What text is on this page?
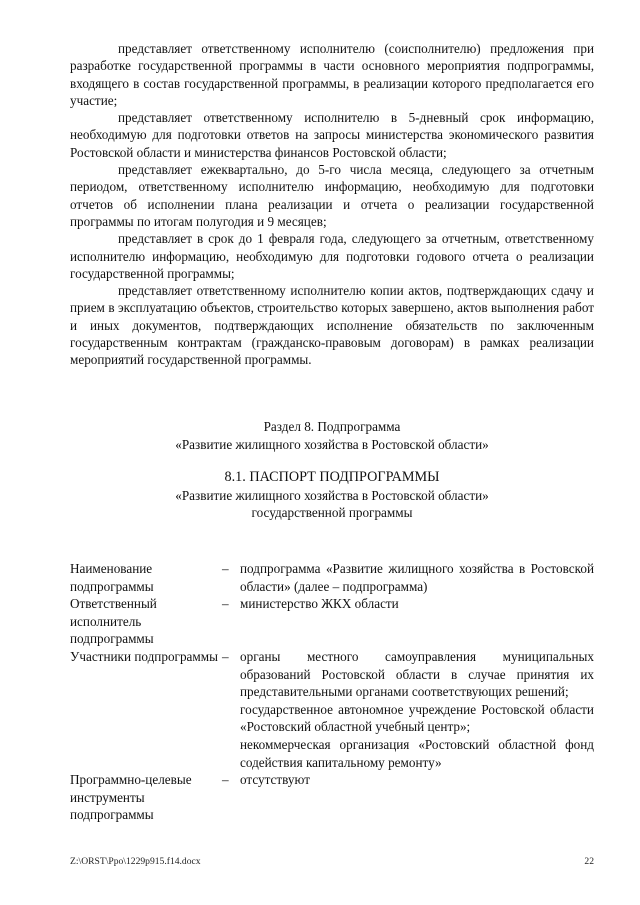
представляет ответственному исполнителю (соисполнителю) предложения при разработке государственной программы в части основного мероприятия подпрограммы, входящего в состав государственной программы, в реализации которого предполагается его участие;

представляет ответственному исполнителю в 5-дневный срок информацию, необходимую для подготовки ответов на запросы министерства экономического развития Ростовской области и министерства финансов Ростовской области;

представляет ежеквартально, до 5-го числа месяца, следующего за отчетным периодом, ответственному исполнителю информацию, необходимую для подготовки отчетов об исполнении плана реализации и отчета о реализации государственной программы по итогам полугодия и 9 месяцев;

представляет в срок до 1 февраля года, следующего за отчетным, ответственному исполнителю информацию, необходимую для подготовки годового отчета о реализации государственной программы;

представляет ответственному исполнителю копии актов, подтверждающих сдачу и прием в эксплуатацию объектов, строительство которых завершено, актов выполнения работ и иных документов, подтверждающих исполнение обязательств по заключенным государственным контрактам (гражданско-правовым договорам) в рамках реализации мероприятий государственной программы.

Раздел 8. Подпрограмма
«Развитие жилищного хозяйства в Ростовской области»
8.1. ПАСПОРТ ПОДПРОГРАММЫ
«Развитие жилищного хозяйства в Ростовской области»
государственной программы
Наименование подпрограммы
– подпрограмма «Развитие жилищного хозяйства в Ростовской области» (далее – подпрограмма)
Ответственный исполнитель подпрограммы
– министерство ЖКХ области
Участники подпрограммы – органы местного самоуправления муниципальных образований Ростовской области в случае принятия их представительными органами соответствующих решений;
государственное автономное учреждение Ростовской области «Ростовский областной учебный центр»;
некоммерческая организация «Ростовский областной фонд содействия капитальному ремонту»
Программно-целевые инструменты подпрограммы
– отсутствуют
Z:\ORST\Ppo\1229p915.f14.docx	22
